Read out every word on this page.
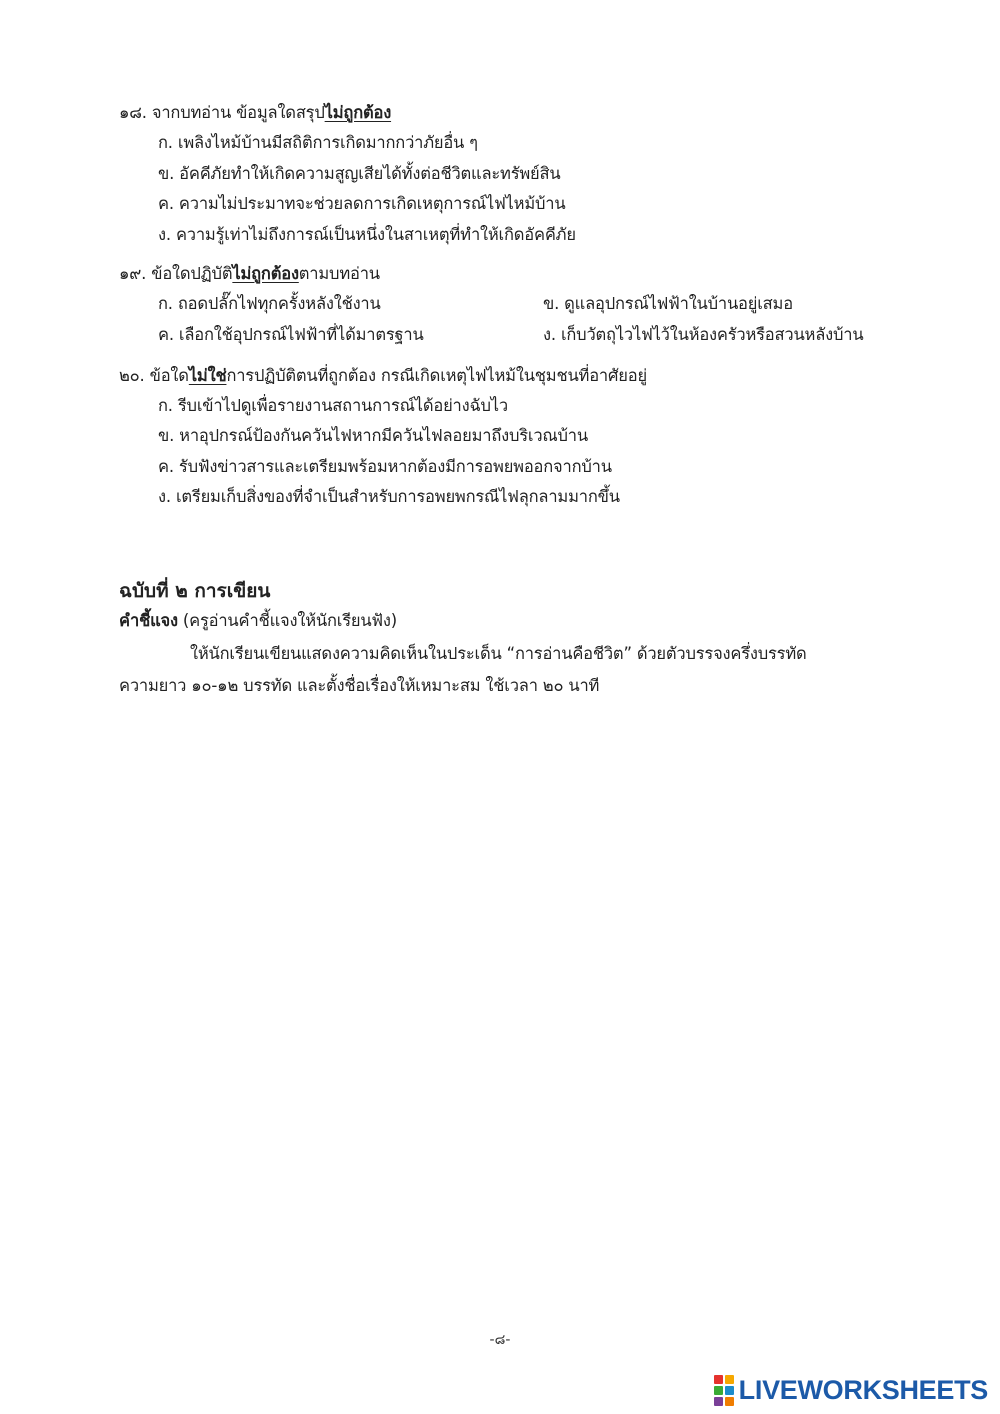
๑๘. จากบทอ่าน ข้อมูลใดสรุปไม่ถูกต้อง
ก. เพลิงไหม้บ้านมีสถิติการเกิดมากกว่าภัยอื่น ๆ
ข. อัคคีภัยทำให้เกิดความสูญเสียได้ทั้งต่อชีวิตและทรัพย์สิน
ค. ความไม่ประมาทจะช่วยลดการเกิดเหตุการณ์ไฟไหม้บ้าน
ง. ความรู้เท่าไม่ถึงการณ์เป็นหนึ่งในสาเหตุที่ทำให้เกิดอัคคีภัย
๑๙. ข้อใดปฏิบัติไม่ถูกต้องตามบทอ่าน
ก. ถอดปลั๊กไฟทุกครั้งหลังใช้งาน	ข. ดูแลอุปกรณ์ไฟฟ้าในบ้านอยู่เสมอ
ค. เลือกใช้อุปกรณ์ไฟฟ้าที่ได้มาตรฐาน	ง. เก็บวัตถุไวไฟไว้ในห้องครัวหรือสวนหลังบ้าน
๒๐. ข้อใดไม่ใช่การปฏิบัติตนที่ถูกต้อง กรณีเกิดเหตุไฟไหม้ในชุมชนที่อาศัยอยู่
ก. รีบเข้าไปดูเพื่อรายงานสถานการณ์ได้อย่างฉับไว
ข. หาอุปกรณ์ป้องกันควันไฟหากมีควันไฟลอยมาถึงบริเวณบ้าน
ค. รับฟังข่าวสารและเตรียมพร้อมหากต้องมีการอพยพออกจากบ้าน
ง. เตรียมเก็บสิ่งของที่จำเป็นสำหรับการอพยพกรณีไฟลุกลามมากขึ้น
ฉบับที่ ๒ การเขียน
คำชี้แจง (ครูอ่านคำชี้แจงให้นักเรียนฟัง)
ให้นักเรียนเขียนแสดงความคิดเห็นในประเด็น “การอ่านคือชีวิต” ด้วยตัวบรรจงครึ่งบรรทัด
ความยาว ๑๐-๑๒ บรรทัด และตั้งชื่อเรื่องให้เหมาะสม ใช้เวลา ๒๐ นาที
-๘-
LIVEWORKSHEETS
